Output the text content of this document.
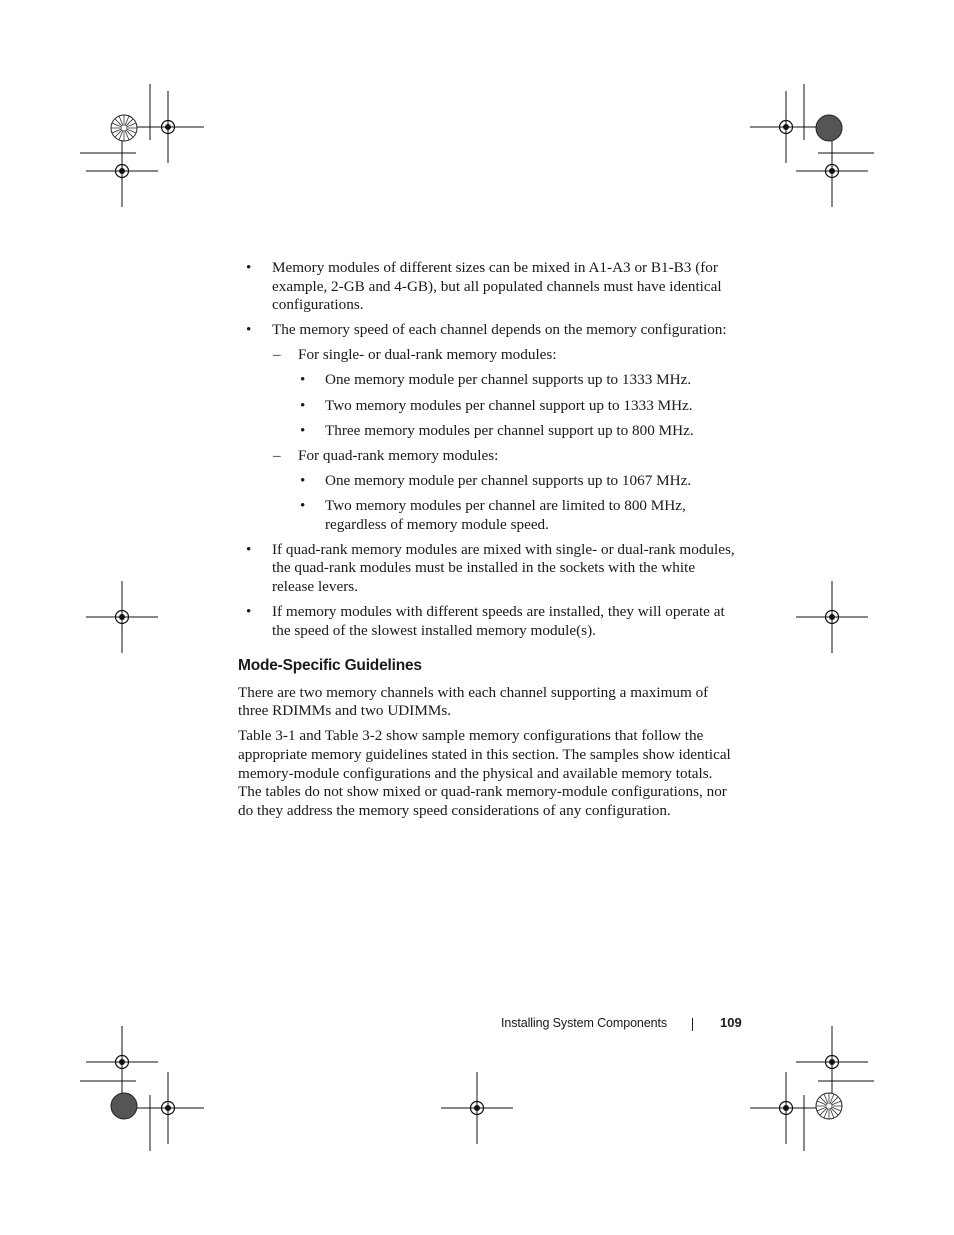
• Memory modules of different sizes can be mixed in A1-A3 or B1-B3 (for example, 2-GB and 4-GB), but all populated channels must have identical configurations.
• The memory speed of each channel depends on the memory configuration:
– For single- or dual-rank memory modules:
• One memory module per channel supports up to 1333 MHz.
• Two memory modules per channel support up to 1333 MHz.
• Three memory modules per channel support up to 800 MHz.
– For quad-rank memory modules:
• One memory module per channel supports up to 1067 MHz.
• Two memory modules per channel are limited to 800 MHz, regardless of memory module speed.
• If quad-rank memory modules are mixed with single- or dual-rank modules, the quad-rank modules must be installed in the sockets with the white release levers.
• If memory modules with different speeds are installed, they will operate at the speed of the slowest installed memory module(s).
Mode-Specific Guidelines

There are two memory channels with each channel supporting a maximum of three RDIMMs and two UDIMMs.

Table 3-1 and Table 3-2 show sample memory configurations that follow the appropriate memory guidelines stated in this section. The samples show identical memory-module configurations and the physical and available memory totals. The tables do not show mixed or quad-rank memory-module configurations, nor do they address the memory speed considerations of any configuration.

Installing System Components	109
